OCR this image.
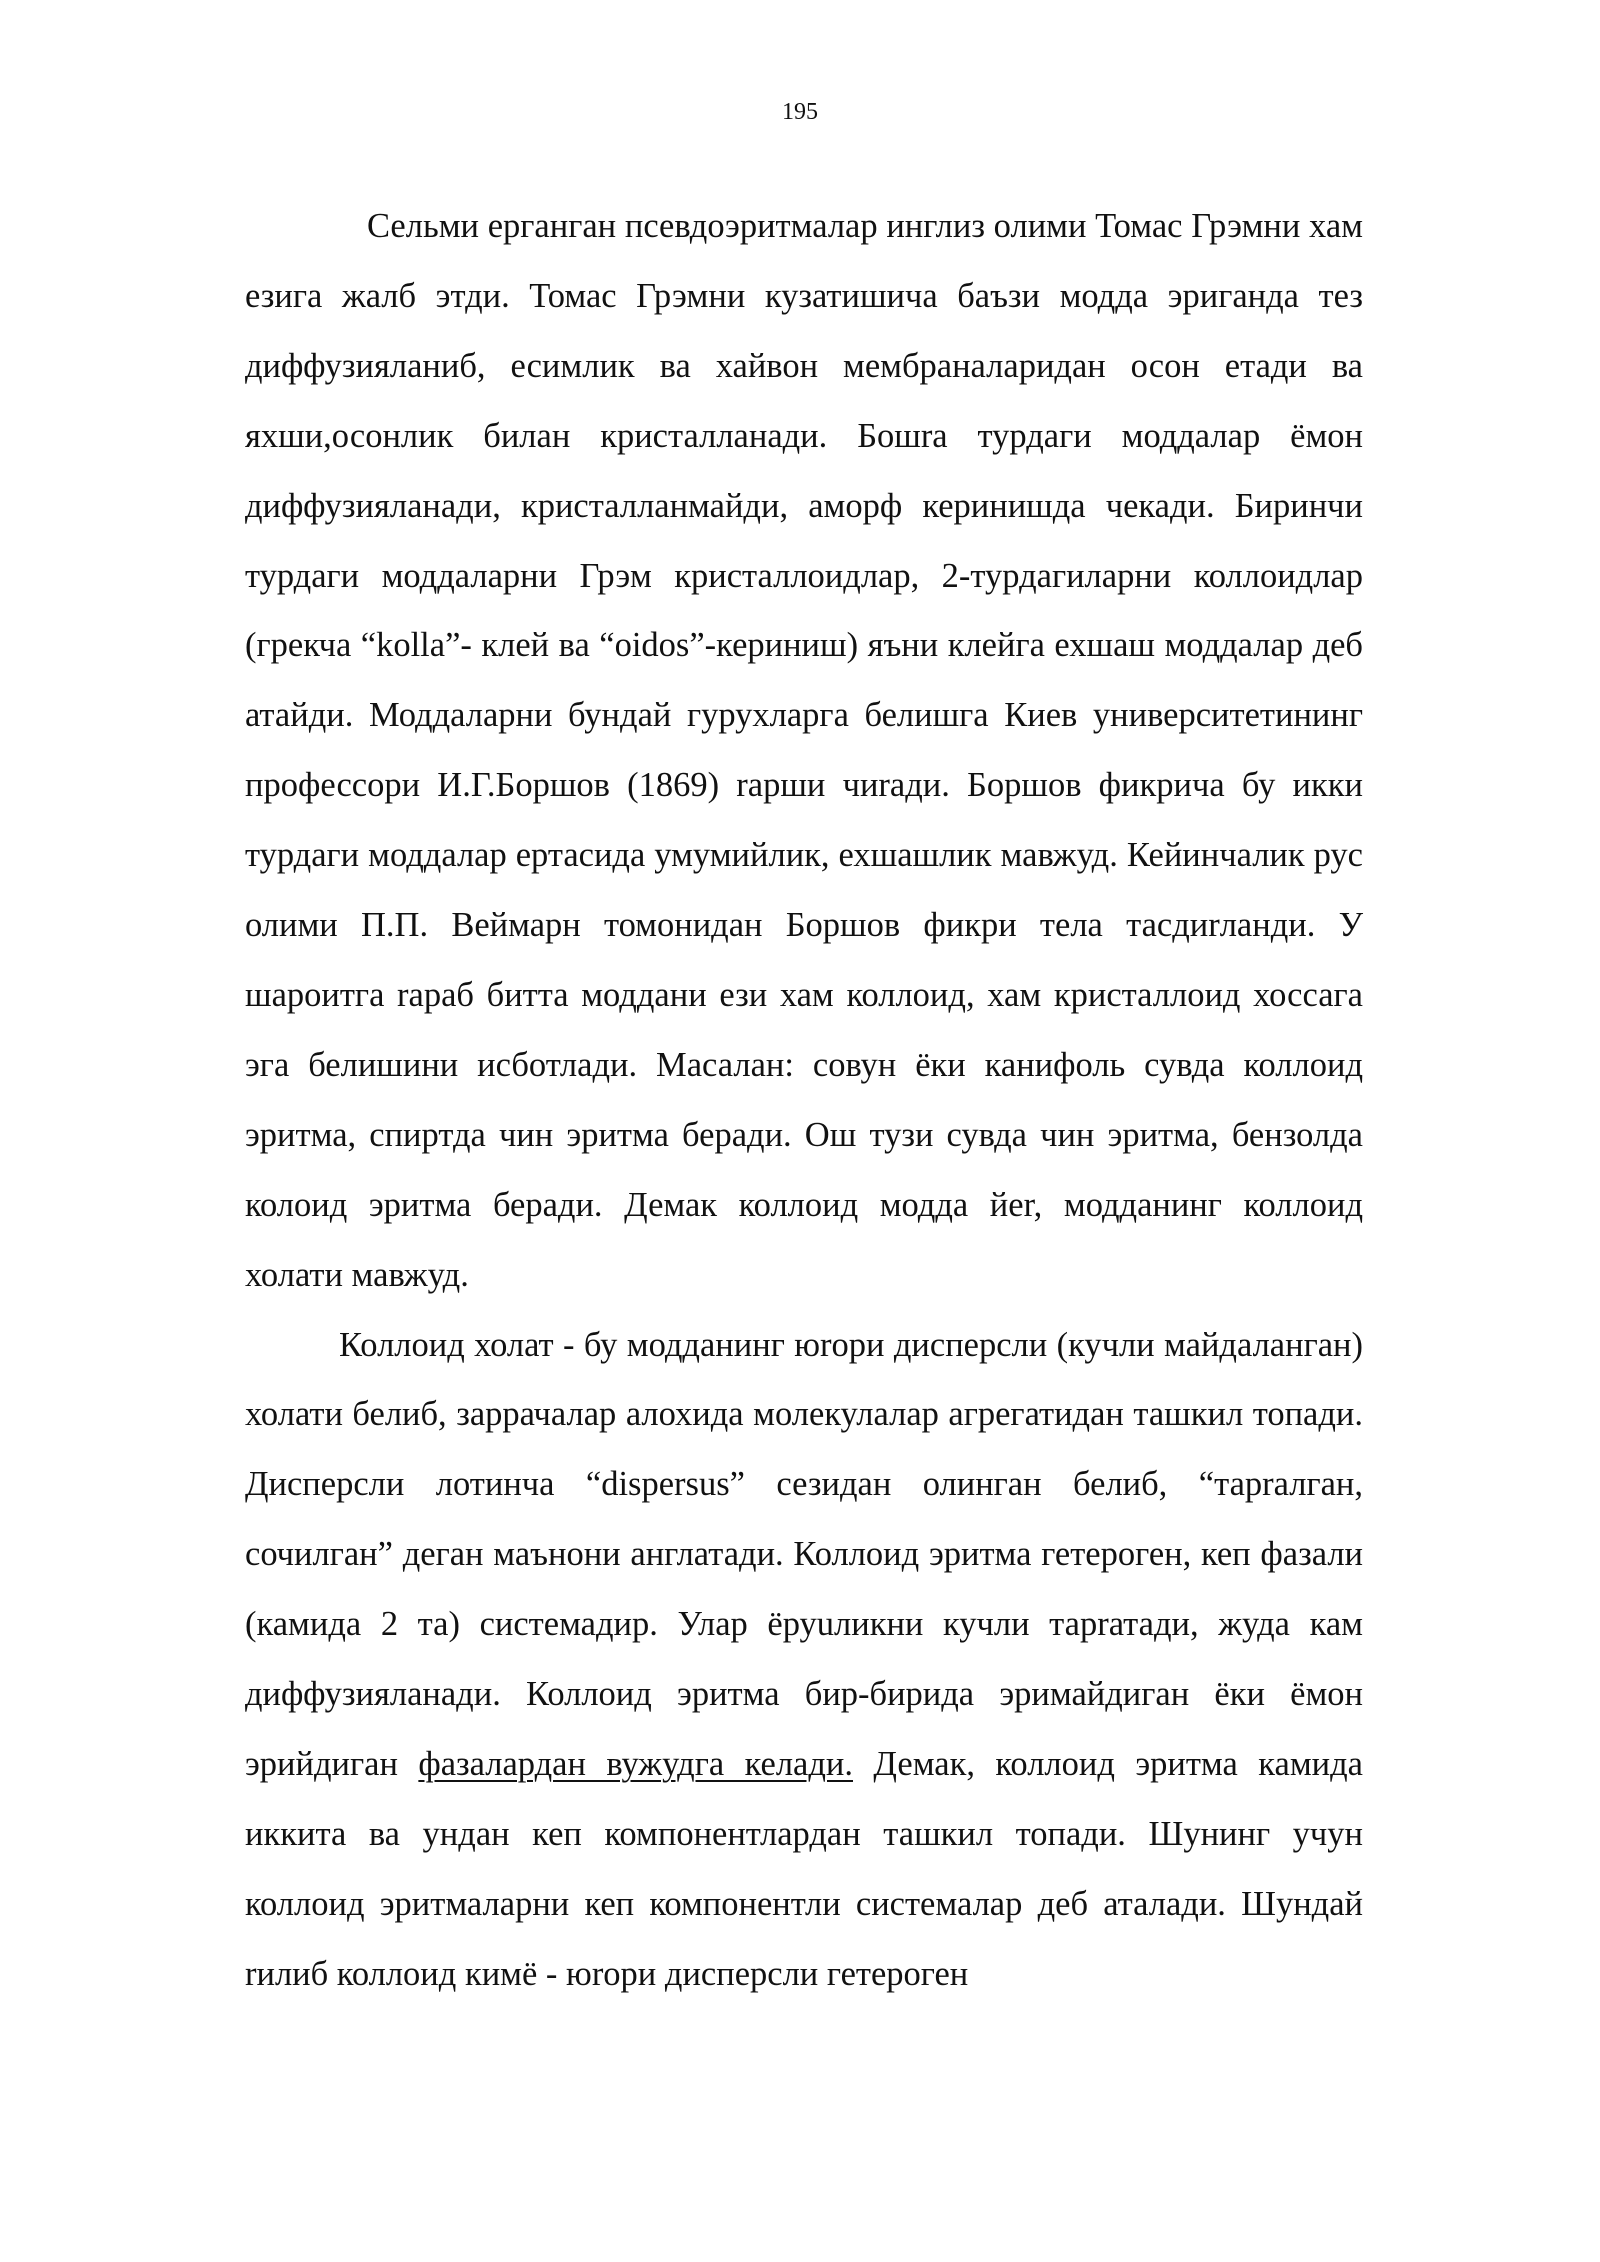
195

Сельми ерганган псевдоэритмалар инглиз олими Томас Грэмни хам езига жалб этди. Томас Грэмни кузатишича баъзи модда эриганда тез диффузияланиб, есимлик ва хайвон мембраналаридан осон етади ва яхши,осонлик билан кристалланади. Бошrа турдаги моддалар ёмон диффузияланади, кристалланмайди, аморф керинишда чекади. Биринчи турдаги моддаларни Грэм кристаллоидлар, 2-турдагиларни коллоидлар (грекча “kolla”- клей ва “oidos”-кериниш) яъни клейга ехшаш моддалар деб атайди. Моддаларни бундай гурухларга белишга Киев университетининг профессори И.Г.Боршов (1869) rарши чиrади. Боршов фикрича бу икки турдаги моддалар ертасида умумийлик, ехшашлик мавжуд. Кейинчалик рус олими П.П. Веймарн томонидан Боршов фикри тела тасдиrланди. У шароитга rараб битта моддани ези хам коллоид, хам кристаллоид хоссага эга белишини исботлади. Масалан: совун ёки канифоль сувда коллоид эритма, спиртда чин эритма беради. Ош тузи сувда чин эритма, бензолда колоид эритма беради. Демак коллоид модда йеr, модданинг коллоид холати мавжуд.

Коллоид холат - бу модданинг юrори дисперсли (кучли майдаланган) холати белиб, заррачалар алохида молекулалар агрегатидан ташкил топади. Дисперсли лотинча “dispersus” сезидан олинган белиб, “тарrалган, сочилган” деган маънони англатади. Коллоид эритма гетероген, кеп фазали (камида 2 та) системадир. Улар ёруuликни кучли тарrатади, жуда кам диффузияланади. Коллоид эритма бир-бирида эримайдиган ёки ёмон эрийдиган фазалардан вужудга келади. Демак, коллоид эритма камида иккита ва ундан кеп компонентлардан ташкил топади. Шунинг учун коллоид эритмаларни кеп компонентли системалар деб аталади. Шундай rилиб коллоид кимё - юrори дисперсли гетероген
